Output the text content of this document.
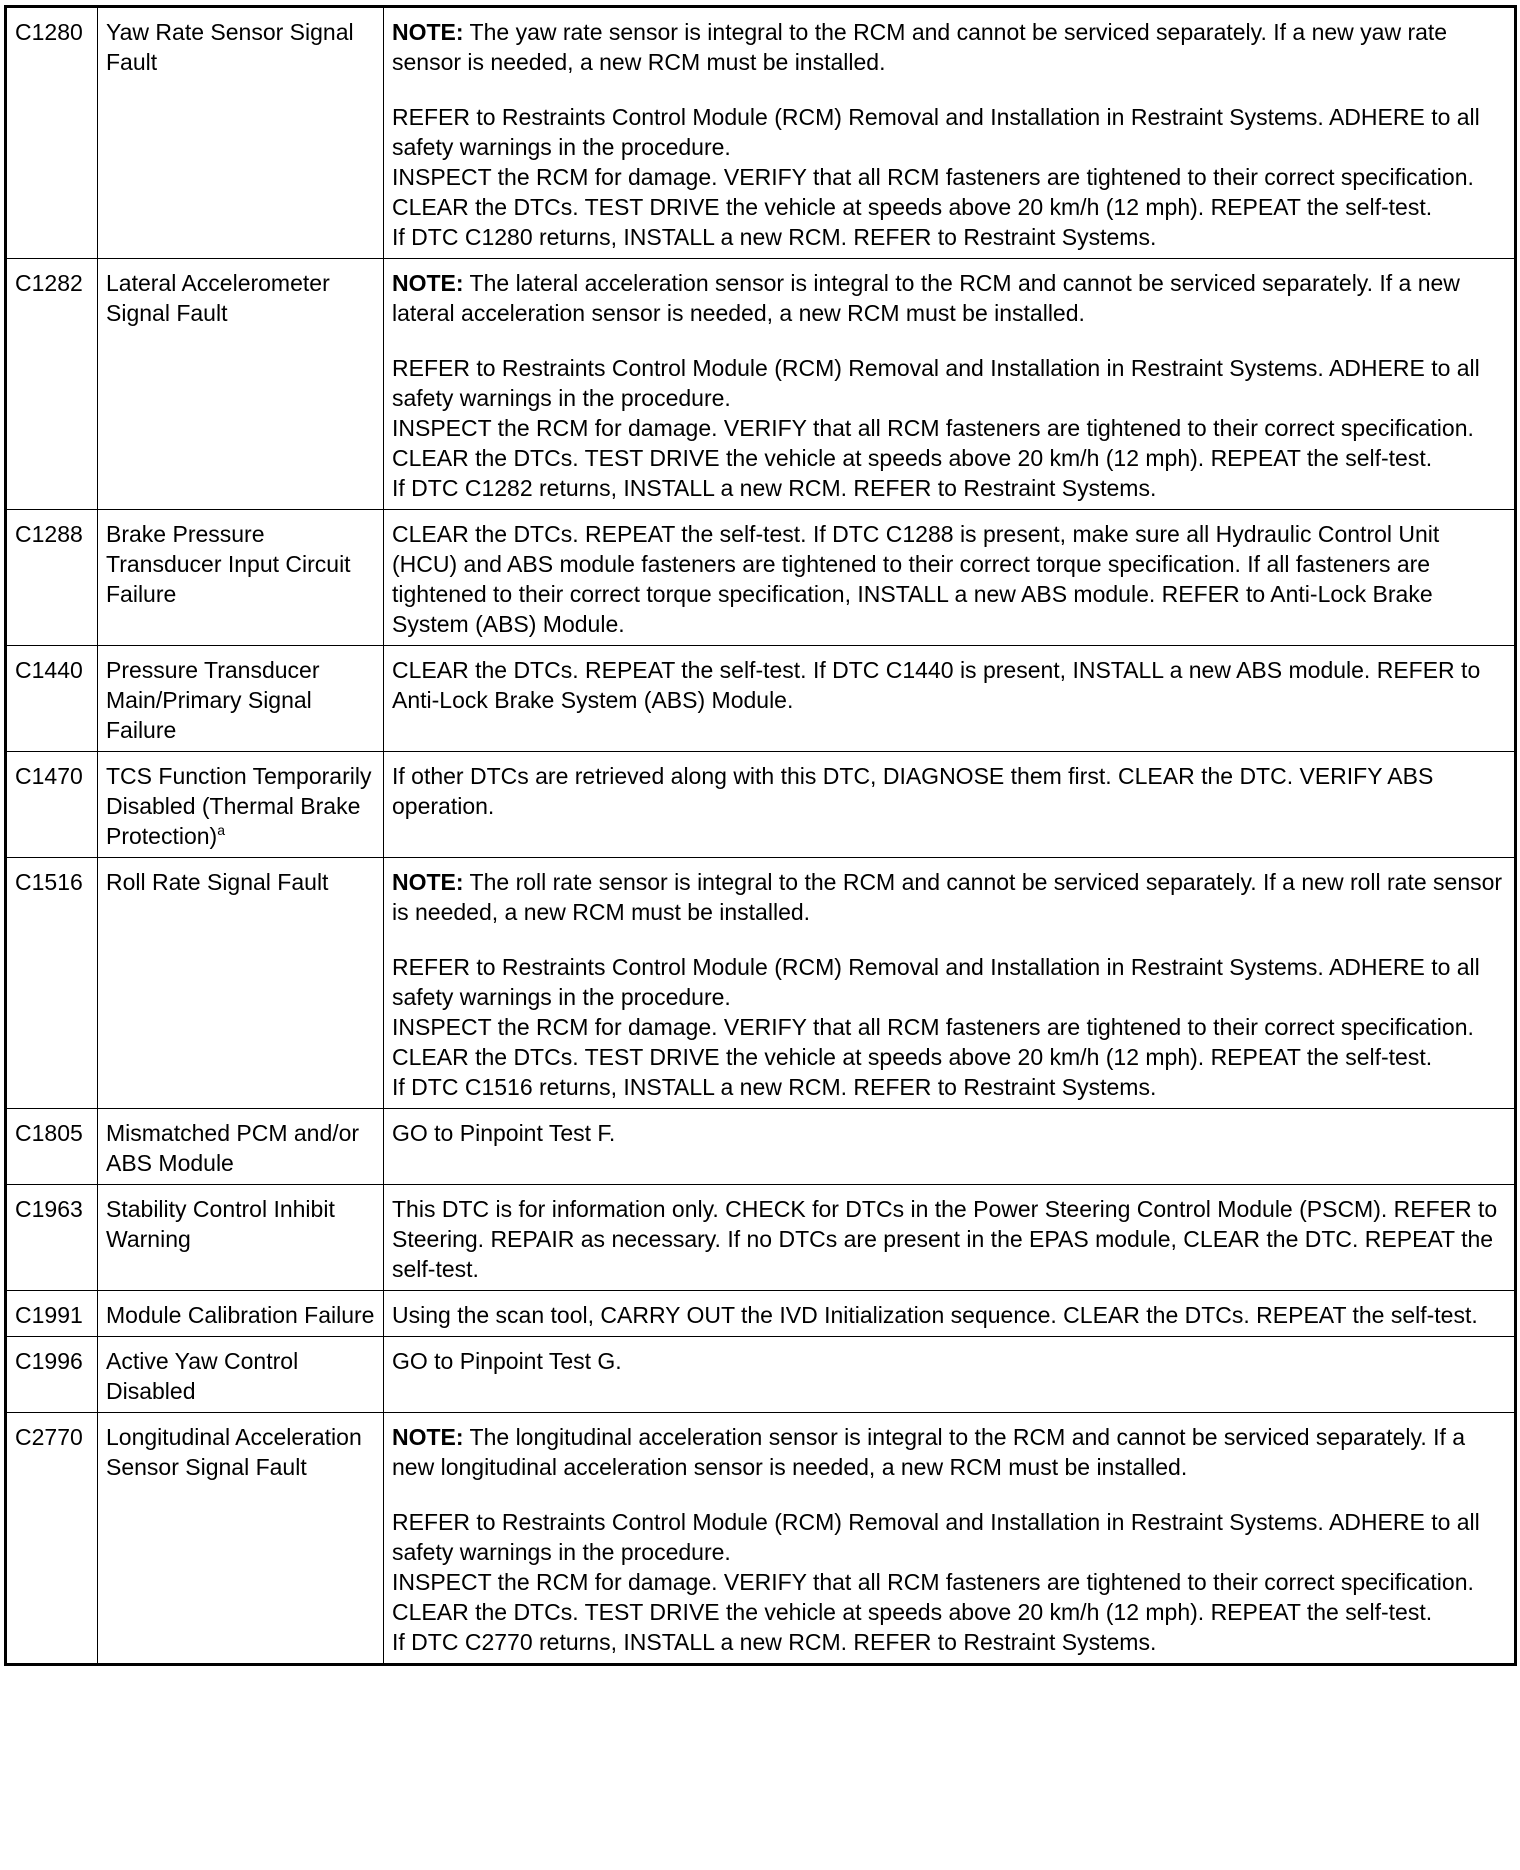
C1280	Yaw Rate Sensor Signal Fault	NOTE: The yaw rate sensor is integral to the RCM and cannot be serviced separately. If a new yaw rate sensor is needed, a new RCM must be installed.

REFER to Restraints Control Module (RCM) Removal and Installation in Restraint Systems. ADHERE to all safety warnings in the procedure.
INSPECT the RCM for damage. VERIFY that all RCM fasteners are tightened to their correct specification. CLEAR the DTCs. TEST DRIVE the vehicle at speeds above 20 km/h (12 mph). REPEAT the self-test.
If DTC C1280 returns, INSTALL a new RCM. REFER to Restraint Systems.

C1282	Lateral Accelerometer Signal Fault	NOTE: The lateral acceleration sensor is integral to the RCM and cannot be serviced separately. If a new lateral acceleration sensor is needed, a new RCM must be installed.

REFER to Restraints Control Module (RCM) Removal and Installation in Restraint Systems. ADHERE to all safety warnings in the procedure.
INSPECT the RCM for damage. VERIFY that all RCM fasteners are tightened to their correct specification. CLEAR the DTCs. TEST DRIVE the vehicle at speeds above 20 km/h (12 mph). REPEAT the self-test.
If DTC C1282 returns, INSTALL a new RCM. REFER to Restraint Systems.

C1288	Brake Pressure Transducer Input Circuit Failure	CLEAR the DTCs. REPEAT the self-test. If DTC C1288 is present, make sure all Hydraulic Control Unit (HCU) and ABS module fasteners are tightened to their correct torque specification. If all fasteners are tightened to their correct torque specification, INSTALL a new ABS module. REFER to Anti-Lock Brake System (ABS) Module.

C1440	Pressure Transducer Main/Primary Signal Failure	CLEAR the DTCs. REPEAT the self-test. If DTC C1440 is present, INSTALL a new ABS module. REFER to Anti-Lock Brake System (ABS) Module.

C1470	TCS Function Temporarily Disabled (Thermal Brake Protection)$^a$	If other DTCs are retrieved along with this DTC, DIAGNOSE them first. CLEAR the DTC. VERIFY ABS operation.

C1516	Roll Rate Signal Fault	NOTE: The roll rate sensor is integral to the RCM and cannot be serviced separately. If a new roll rate sensor is needed, a new RCM must be installed.

REFER to Restraints Control Module (RCM) Removal and Installation in Restraint Systems. ADHERE to all safety warnings in the procedure.
INSPECT the RCM for damage. VERIFY that all RCM fasteners are tightened to their correct specification. CLEAR the DTCs. TEST DRIVE the vehicle at speeds above 20 km/h (12 mph). REPEAT the self-test.
If DTC C1516 returns, INSTALL a new RCM. REFER to Restraint Systems.

C1805	Mismatched PCM and/or ABS Module	GO to Pinpoint Test F.

C1963	Stability Control Inhibit Warning	This DTC is for information only. CHECK for DTCs in the Power Steering Control Module (PSCM). REFER to Steering. REPAIR as necessary. If no DTCs are present in the EPAS module, CLEAR the DTC. REPEAT the self-test.

C1991	Module Calibration Failure	Using the scan tool, CARRY OUT the IVD Initialization sequence. CLEAR the DTCs. REPEAT the self-test.

C1996	Active Yaw Control Disabled	GO to Pinpoint Test G.

C2770	Longitudinal Acceleration Sensor Signal Fault	NOTE: The longitudinal acceleration sensor is integral to the RCM and cannot be serviced separately. If a new longitudinal acceleration sensor is needed, a new RCM must be installed.

REFER to Restraints Control Module (RCM) Removal and Installation in Restraint Systems. ADHERE to all safety warnings in the procedure.
INSPECT the RCM for damage. VERIFY that all RCM fasteners are tightened to their correct specification. CLEAR the DTCs. TEST DRIVE the vehicle at speeds above 20 km/h (12 mph). REPEAT the self-test.
If DTC C2770 returns, INSTALL a new RCM. REFER to Restraint Systems.
